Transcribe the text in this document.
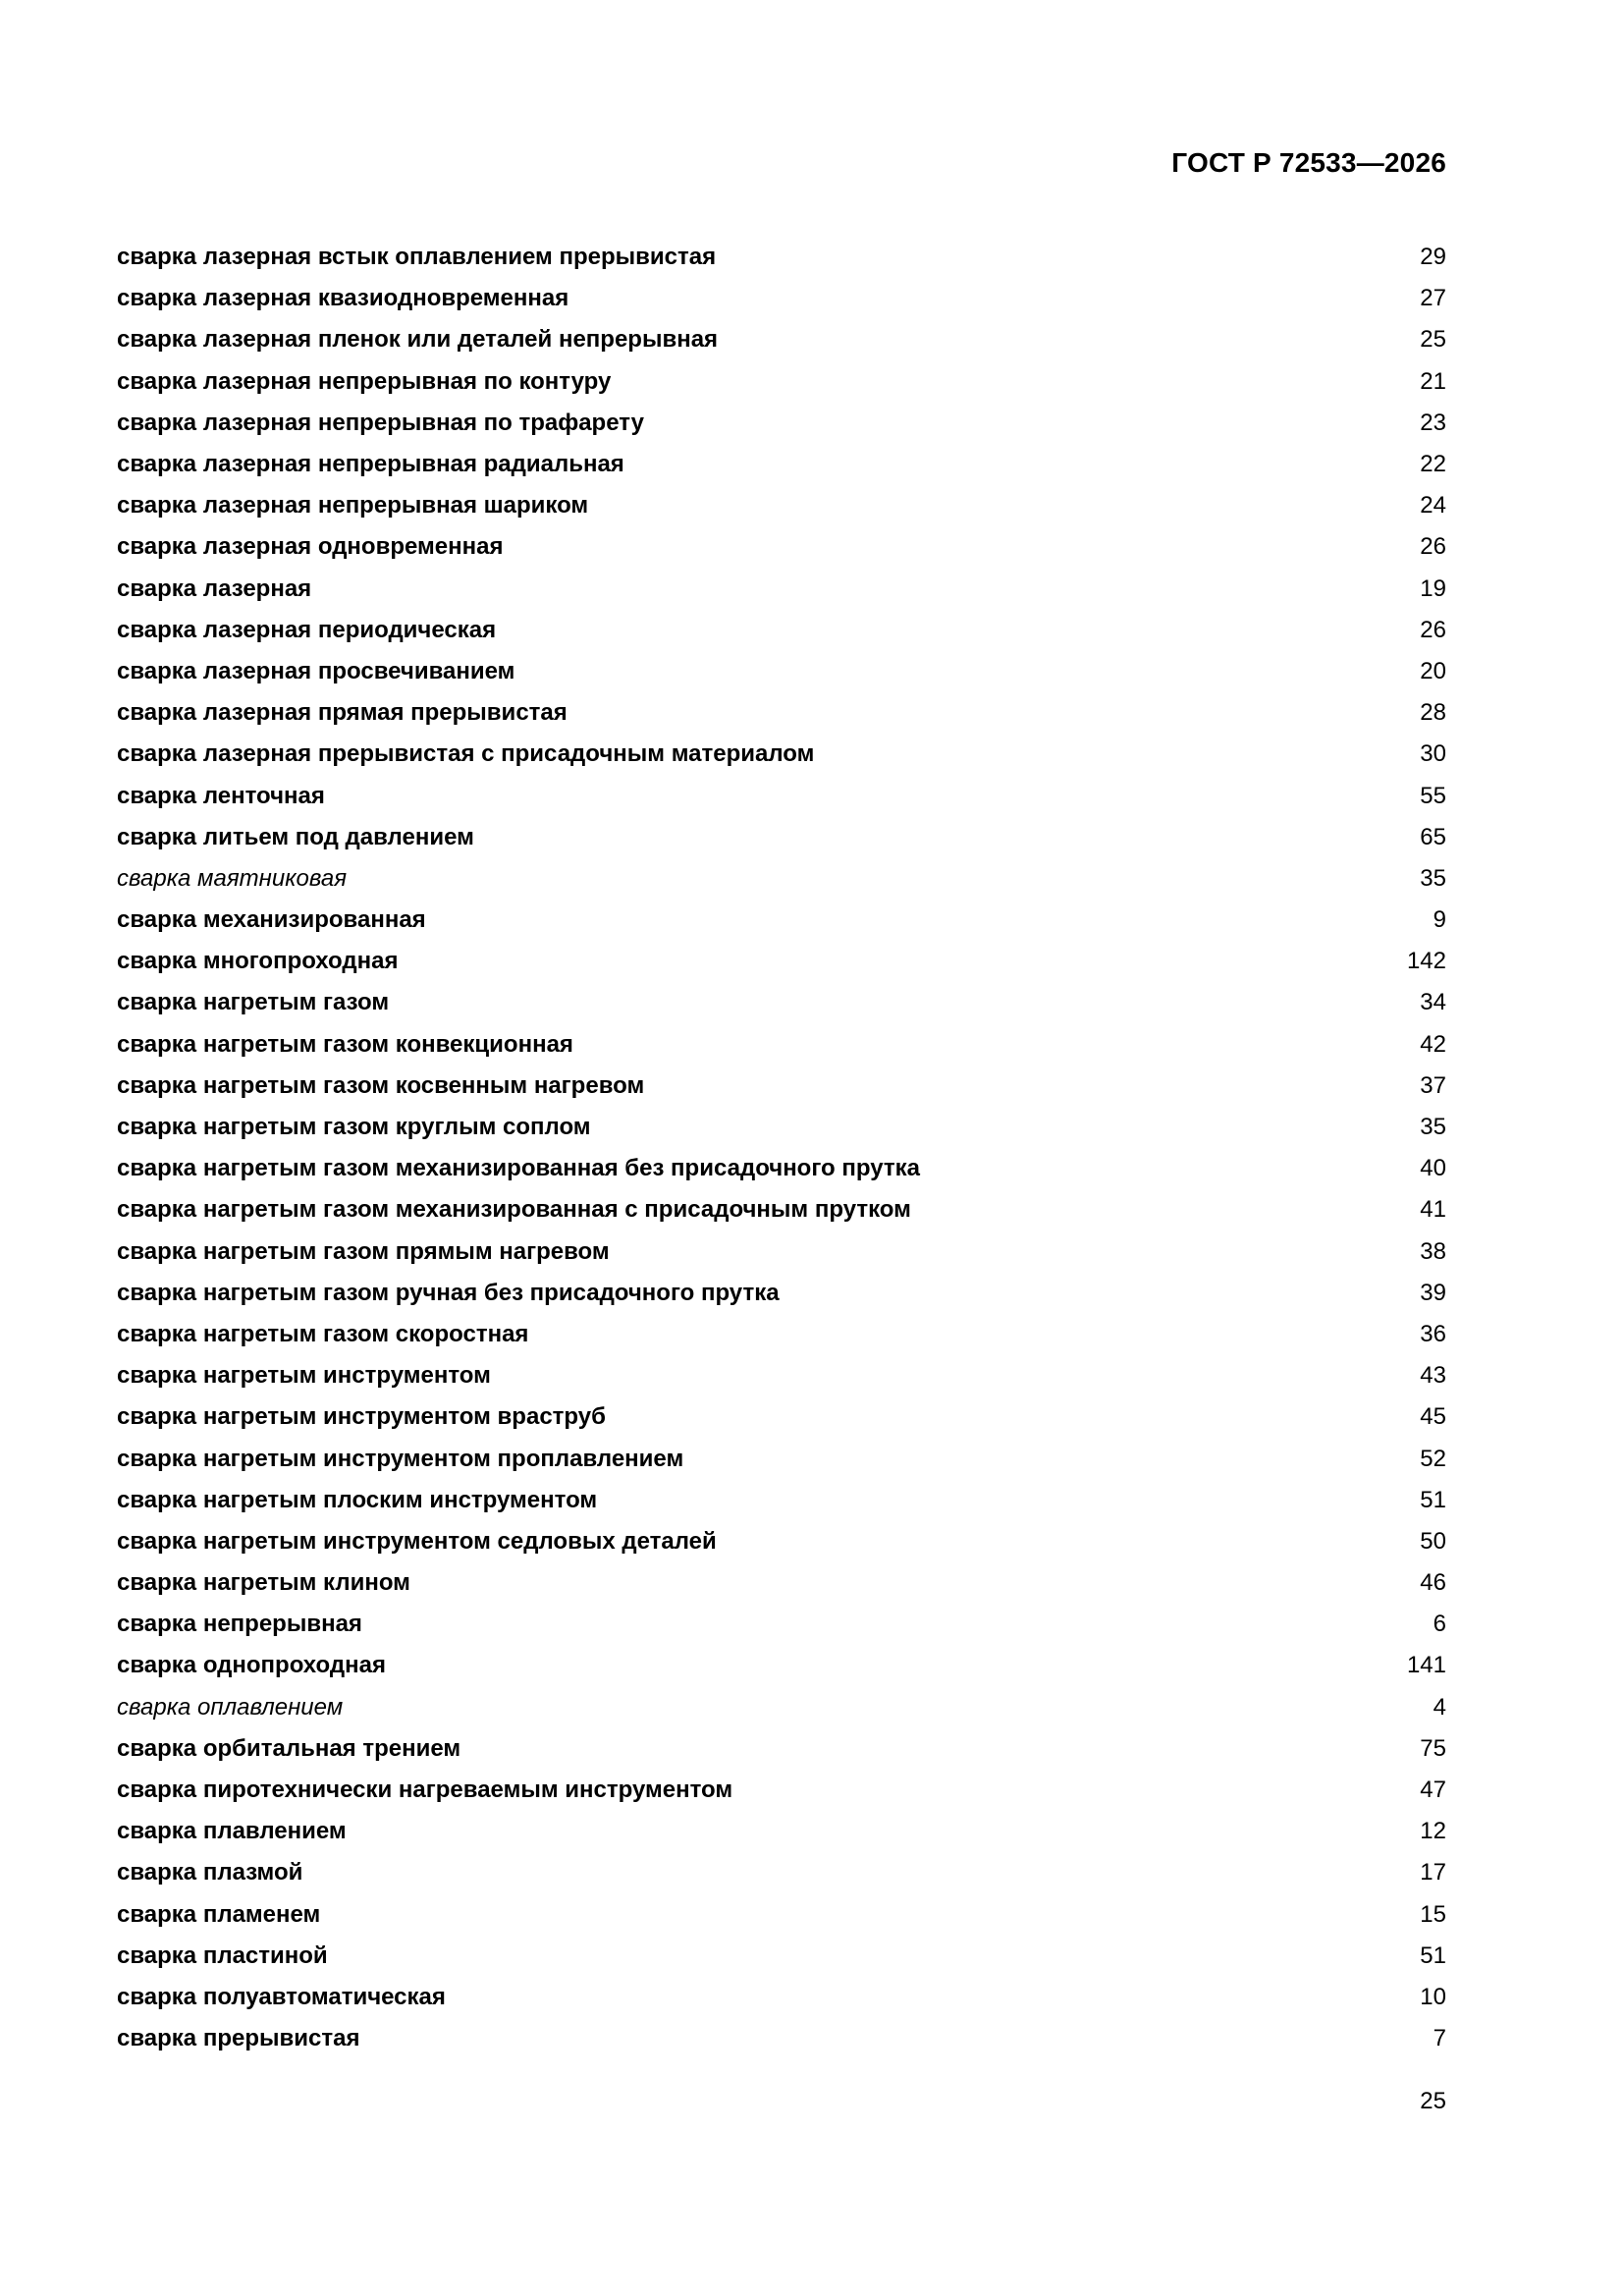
ГОСТ Р 72533—2026
сварка лазерная встык оплавлением прерывистая	29
сварка лазерная квазиодновременная	27
сварка лазерная пленок или деталей непрерывная	25
сварка лазерная непрерывная по контуру	21
сварка лазерная непрерывная по трафарету	23
сварка лазерная непрерывная радиальная	22
сварка лазерная непрерывная шариком	24
сварка лазерная одновременная	26
сварка лазерная	19
сварка лазерная периодическая	26
сварка лазерная просвечиванием	20
сварка лазерная прямая прерывистая	28
сварка лазерная прерывистая с присадочным материалом	30
сварка ленточная	55
сварка литьем под давлением	65
сварка маятниковая	35
сварка механизированная	9
сварка многопроходная	142
сварка нагретым газом	34
сварка нагретым газом конвекционная	42
сварка нагретым газом косвенным нагревом	37
сварка нагретым газом круглым соплом	35
сварка нагретым газом механизированная без присадочного прутка	40
сварка нагретым газом механизированная с присадочным прутком	41
сварка нагретым газом прямым нагревом	38
сварка нагретым газом ручная без присадочного прутка	39
сварка нагретым газом скоростная	36
сварка нагретым инструментом	43
сварка нагретым инструментом враструб	45
сварка нагретым инструментом проплавлением	52
сварка нагретым плоским инструментом	51
сварка нагретым инструментом седловых деталей	50
сварка нагретым клином	46
сварка непрерывная	6
сварка однопроходная	141
сварка оплавлением	4
сварка орбитальная трением	75
сварка пиротехнически нагреваемым инструментом	47
сварка плавлением	12
сварка плазмой	17
сварка пламенем	15
сварка пластиной	51
сварка полуавтоматическая	10
сварка прерывистая	7
25
